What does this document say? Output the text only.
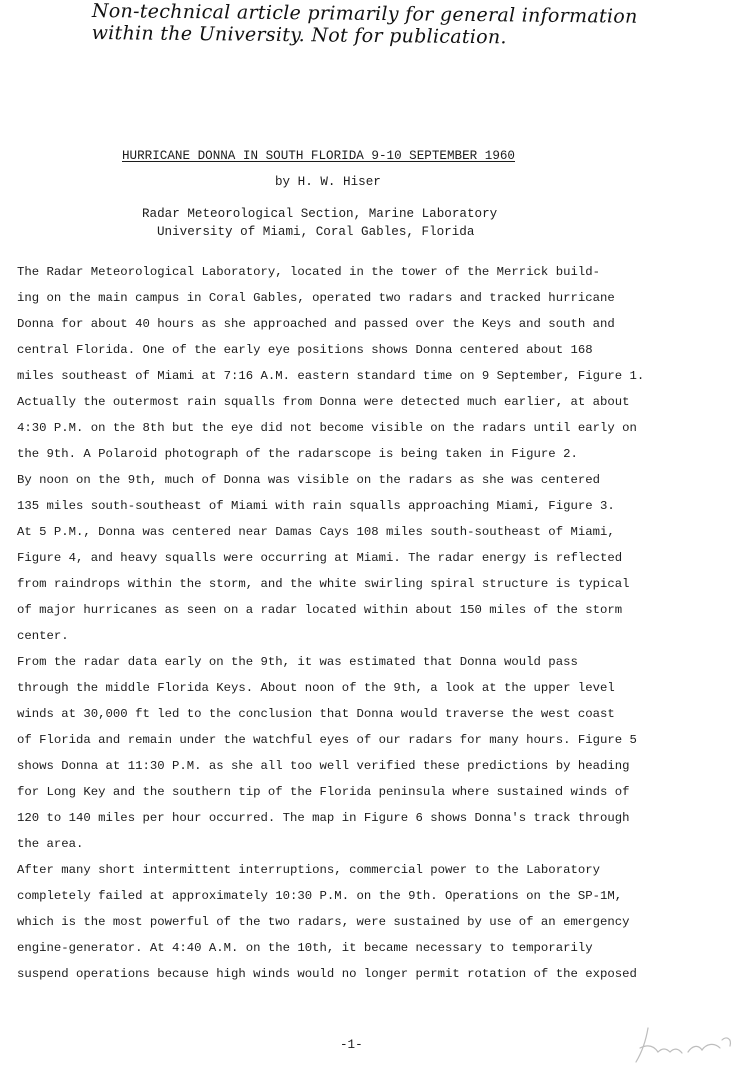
Non-technical article primarily for general information
within the University. Not for publication.
HURRICANE DONNA IN SOUTH FLORIDA 9-10 SEPTEMBER 1960
by H. W. Hiser
Radar Meteorological Section, Marine Laboratory
University of Miami, Coral Gables, Florida
The Radar Meteorological Laboratory, located in the tower of the Merrick build-
ing on the main campus in Coral Gables, operated two radars and tracked hurricane
Donna for about 40 hours as she approached and passed over the Keys and south and
central Florida. One of the early eye positions shows Donna centered about 168
miles southeast of Miami at 7:16 A.M. eastern standard time on 9 September, Figure 1.
Actually the outermost rain squalls from Donna were detected much earlier, at about
4:30 P.M. on the 8th but the eye did not become visible on the radars until early on
the 9th. A Polaroid photograph of the radarscope is being taken in Figure 2.
By noon on the 9th, much of Donna was visible on the radars as she was centered
135 miles south-southeast of Miami with rain squalls approaching Miami, Figure 3.
At 5 P.M., Donna was centered near Damas Cays 108 miles south-southeast of Miami,
Figure 4, and heavy squalls were occurring at Miami. The radar energy is reflected
from raindrops within the storm, and the white swirling spiral structure is typical
of major hurricanes as seen on a radar located within about 150 miles of the storm
center.
From the radar data early on the 9th, it was estimated that Donna would pass
through the middle Florida Keys. About noon of the 9th, a look at the upper level
winds at 30,000 ft led to the conclusion that Donna would traverse the west coast
of Florida and remain under the watchful eyes of our radars for many hours. Figure 5
shows Donna at 11:30 P.M. as she all too well verified these predictions by heading
for Long Key and the southern tip of the Florida peninsula where sustained winds of
120 to 140 miles per hour occurred. The map in Figure 6 shows Donna's track through
the area.
After many short intermittent interruptions, commercial power to the Laboratory
completely failed at approximately 10:30 P.M. on the 9th. Operations on the SP-1M,
which is the most powerful of the two radars, were sustained by use of an emergency
engine-generator. At 4:40 A.M. on the 10th, it became necessary to temporarily
suspend operations because high winds would no longer permit rotation of the exposed
-1-
